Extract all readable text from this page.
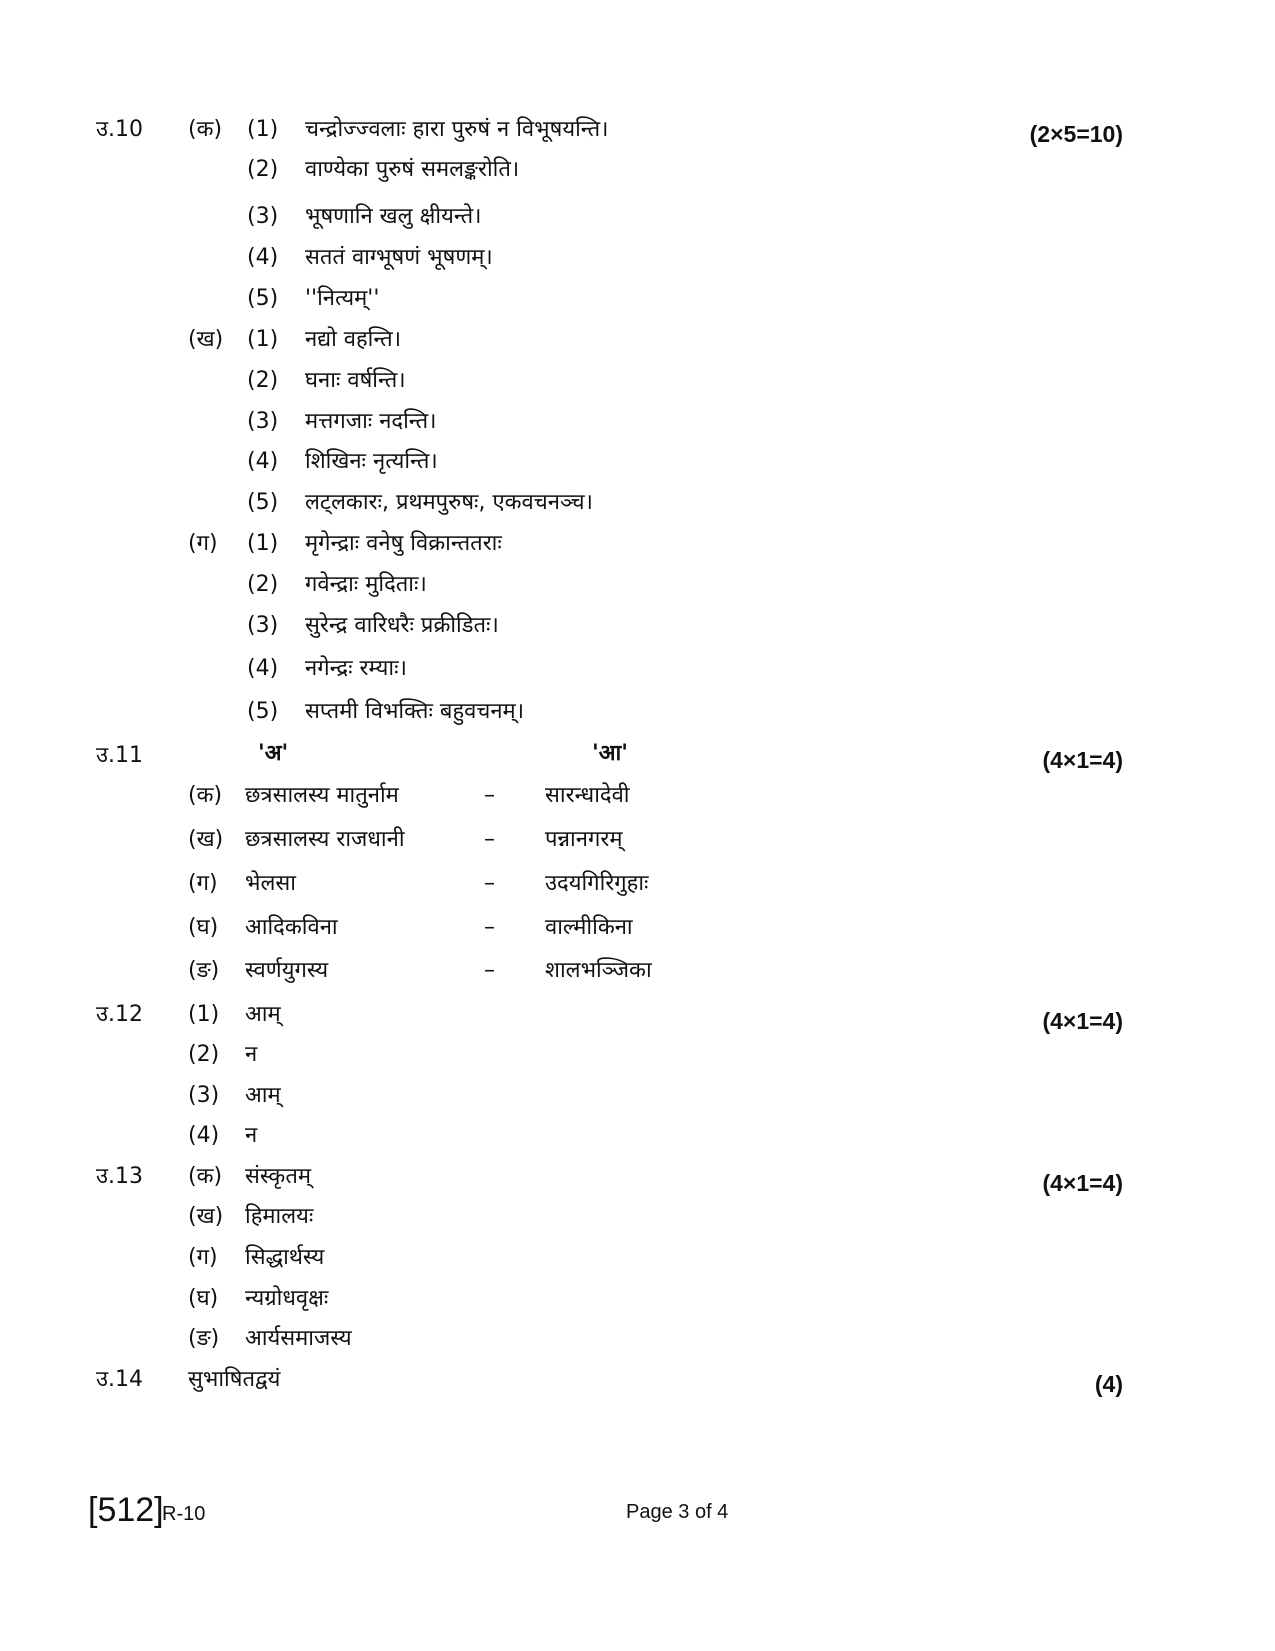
उ.10 (क)	(2×5=10)
(1) चन्द्रोज्ज्वलाः हारा पुरुषं न विभूषयन्ति।
(2) वाण्येका पुरुषं समलङ्करोति।
(3) भूषणानि खलु क्षीयन्ते।
(4) सततं वाग्भूषणं भूषणम्।
(5) ''नित्यम्''
(ख) (1) नद्यो वहन्ति।
(2) घनाः वर्षन्ति।
(3) मत्तगजाः नदन्ति।
(4) शिखिनः नृत्यन्ति।
(5) लट्लकारः, प्रथमपुरुषः, एकवचनञ्च।
(ग) (1) मृगेन्द्राः वनेषु विक्रान्ततराः
(2) गवेन्द्राः मुदिताः।
(3) सुरेन्द्र वारिधरैः प्रक्रीडितः।
(4) नगेन्द्रः रम्याः।
(5) सप्तमी विभक्तिः बहुवचनम्।
उ.11	'अ'	'आ'	(4×1=4)
(क) छत्रसालस्य मातुर्नाम	– सारन्धादेवी
(ख) छत्रसालस्य राजधानी	– पन्नानगरम्
(ग) भेलसा	– उदयगिरिगुहाः
(घ) आदिकविना	– वाल्मीकिना
(ङ) स्वर्णयुगस्य	– शालभञ्जिका
उ.12	(4×1=4)
(1) आम्
(2) न
(3) आम्
(4) न
उ.13	(4×1=4)
(क) संस्कृतम्
(ख) हिमालयः
(ग) सिद्धार्थस्य
(घ) न्यग्रोधवृक्षः
(ङ) आर्यसमाजस्य
उ.14 सुभाषितद्वयं	(4)
[512]
R-10	Page 3 of 4
